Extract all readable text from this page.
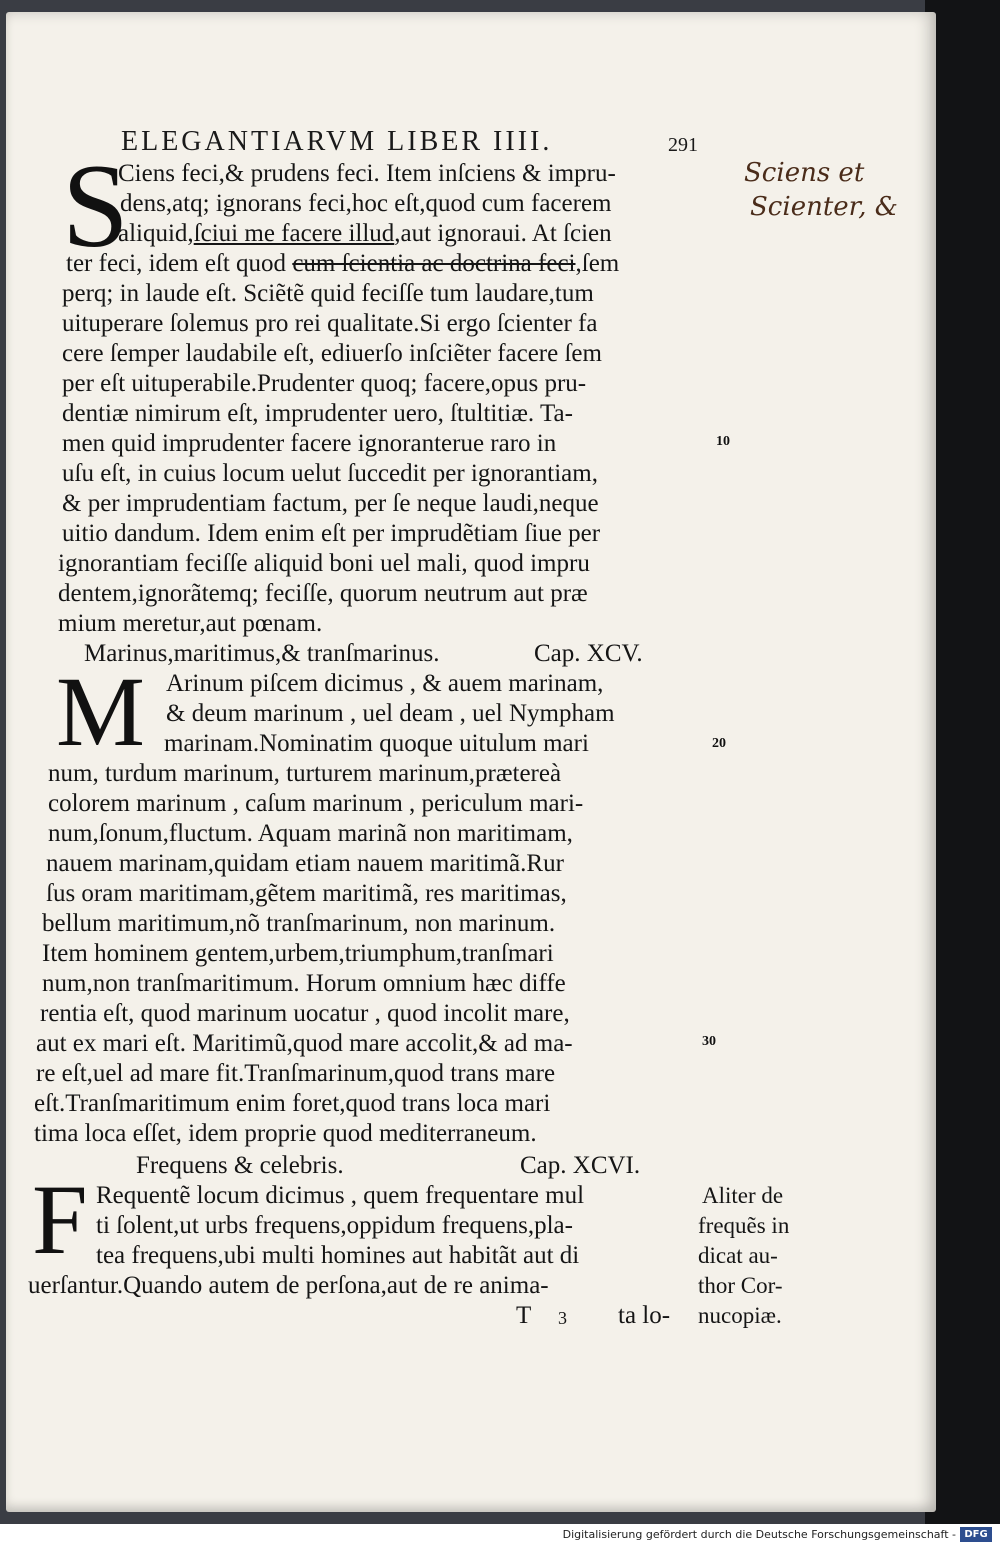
ELEGANTIARVM LIBER IIII.	291
S
Ciens feci,& prudens feci. Item inſciens & impru-
dens,atq; ignorans feci,hoc eſt,quod cum facerem
aliquid,ſciui me facere illud,aut ignoraui. At ſcien
ter feci, idem eſt quod cum ſcientia ac doctrina feci,ſem
perq; in laude eſt. Sciẽtẽ quid feciſſe tum laudare,tum
uituperare ſolemus pro rei qualitate.Si ergo ſcienter fa
cere ſemper laudabile eſt, ediuerſo inſciẽter facere ſem
per eſt uituperabile.Prudenter quoq; facere,opus pru-
dentiæ nimirum eſt, imprudenter uero, ſtultitiæ. Ta-
men quid imprudenter facere ignoranterue raro in
uſu eſt, in cuius locum uelut ſuccedit per ignorantiam,
& per imprudentiam factum, per ſe neque laudi,neque
uitio dandum. Idem enim eſt per imprudẽtiam ſiue per
ignorantiam feciſſe aliquid boni uel mali, quod impru
dentem,ignorãtemq; feciſſe, quorum neutrum aut præ
mium meretur,aut pœnam.
Marinus,maritimus,& tranſmarinus.	Cap. XCV.
M Arinum piſcem dicimus , & auem marinam,
& deum marinum , uel deam , uel Nympham
marinam.Nominatim quoque uitulum mari
num, turdum marinum, turturem marinum,prætereà
colorem marinum , caſum marinum , periculum mari-
num,ſonum,fluctum. Aquam marinã non maritimam,
nauem marinam,quidam etiam nauem maritimã.Rur
ſus oram maritimam,gẽtem maritimã, res maritimas,
bellum maritimum,nõ tranſmarinum, non marinum.
Item hominem gentem,urbem,triumphum,tranſmari
num,non tranſmaritimum. Horum omnium hæc diffe
rentia eſt, quod marinum uocatur , quod incolit mare,
aut ex mari eſt. Maritimũ,quod mare accolit,& ad ma-
re eſt,uel ad mare fit.Tranſmarinum,quod trans mare
eſt.Tranſmaritimum enim foret,quod trans loca mari
tima loca eſſet, idem proprie quod mediterraneum.
Frequens & celebris.	Cap. XCVI.
F Requentẽ locum dicimus , quem frequentare mul
ti ſolent,ut urbs frequens,oppidum frequens,pla-
tea frequens,ubi multi homines aut habitãt aut di
uerſantur.Quando autem de perſona,aut de re anima-
T 3 ta lo-
Aliter de
frequẽs in
dicat au-
thor Cor-
nucopiæ.
10
20
30
Sciens et
Scienter, &
Digitalisierung gefördert durch die Deutsche Forschungsgemeinschaft - DFG
